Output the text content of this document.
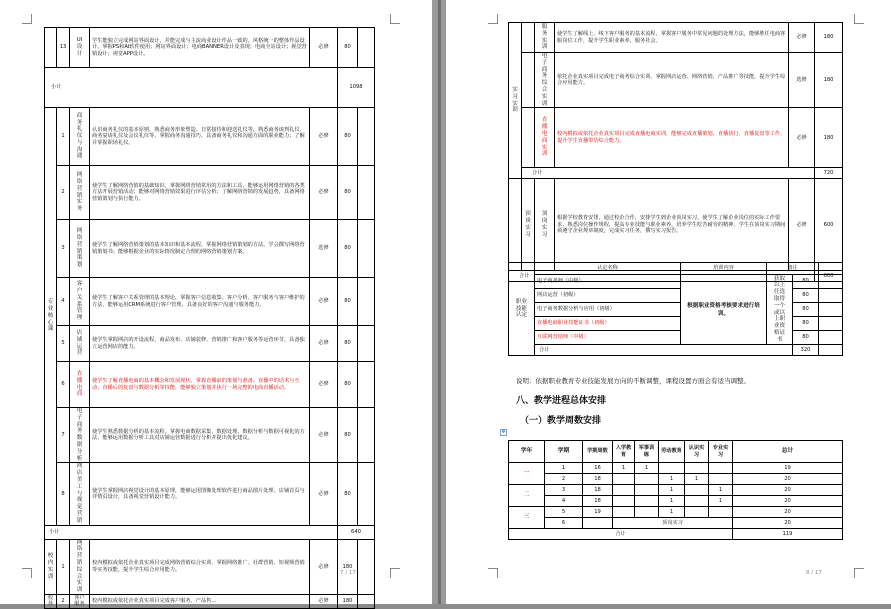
	13	UI设计	学生能独立完成网站界面设计，并能完成与主流商业设计作品一致的、风格统一的整体作品设计。掌握PS和AI软件使用；网站界面设计；电商BANNER设计及表现；电商全站设计；视觉营销设计；视觉APP设计。	必修	80	
小计					1098	
专业核心课	1	商务礼仪与沟通	认识商务礼仪的基本原则，熟悉商务形象塑造、日常接待和迎送礼仪等，熟悉商务谈判礼仪、商务宴请礼仪及会议礼仪等，掌握商务沟通技巧，具备商务礼仪和沟通方面的职业能力；了解并掌握职场礼仪。	必修	80	
	2	网络营销实务	使学生了解网络营销的基础知识，掌握网络营销常用的方法和工具，能够运用网络营销的各类方法开展营销活动；能够对网络营销效果进行评估分析；了解网络营销的发展趋势，具备网络营销策划与执行能力。	必修	80	
	3	网络营销策划	使学生了解网络营销策划的基本知识和基本流程，掌握网络营销策划的方法，学会撰写网络营销策划书；能够根据企业的实际情况制定合理的网络营销策划方案。	选修	80	
	4	客户关系管理	使学生了解客户关系管理的基本理论，掌握客户信息收集、客户分析、客户服务与客户维护的方法，能够运用CRM系统进行客户管理，具备良好的客户沟通与服务能力。	必修	80	
	5	店铺运营	使学生掌握网店的开设流程、商品发布、店铺装修、营销推广和客户服务等运营环节，具备独立运营网店的能力。	必修	80	
	6	直播电商	使学生了解直播电商的基本概念和发展现状，掌握直播前的策划与准备、直播中的话术与互动、直播后的复盘与数据分析等技能，能够独立策划并执行一场完整的电商直播活动。	必修	80	
	7	电子商务数据分析	使学生熟悉数据分析的基本流程，掌握电商数据采集、数据处理、数据分析与数据可视化的方法，能够运用数据分析工具对店铺运营数据进行分析并提出优化建议。	必修	80	
	8	网店美工与视觉营销	使学生掌握网店视觉设计的基本原理，能够运用图像处理软件进行商品图片处理、店铺首页与详情页设计，具备视觉营销设计能力。	必修	80	
小计					640	
校内实训	1	网络营销综合实训	校内模拟或依托企业真实项目完成网络营销综合实训，掌握网络推广、社群营销、短视频营销等实务技能，提升学生综合应用能力。	必修	180	
校外	2	客户服务	校内模拟或依托企业真实项目完成客户服务、产品售...	必修	180	
7 / 17
实习实训		服务实训	使学生了解线上、线下客户服务的基本流程，掌握客户服务中常见问题的处理方法，能够胜任电商客服岗位工作，提升学生职业素养，服务社会。	必修	180
		电子商务综合实训	依托企业真实项目完成电子商务综合实训，掌握网店运营、网络营销、产品推广等技能，提升学生综合应用能力。	选修	180
		直播电商实训	校内模拟或依托企业真实项目完成直播电商实训，能够完成直播策划、直播执行、直播复盘等工作，提升学生直播带货综合能力。	必修	180
	合计				720
	顶岗实习	顶岗实习	根据学校教育安排，通过校企合作，安排学生到企业顶岗实习，使学生了解企业岗位的实际工作要求，熟悉岗位操作规程，提高专业技能与职业素养，培养学生吃苦耐劳的精神。学生在顶岗实习期间须遵守企业规章制度，完成实习任务，撰写实习报告。	必修	600
合计					600
职业技能认定	认定名称	培训内容	备注		
	电子商务师（中级）	根据职业资格考核要求进行培训。	获取以上任选取得一个或以上职业资格证书	80	
	网店运营（初级）			80	
	电子商务数据分析与应用（初级）			80	
	直播电商职业技能证书（初级）			80	
	互联网营销师（中级）			80	
	合计			320	
说明：依据职业教育专业技能发展方向的不断调整，课程设置方面会有适当调整。
八、教学进程总体安排
（一）教学周数安排
✥
学年	学期	学期周数	入学教育	军事训练	劳动教育	认识实习	专业实习	总计
一	1	16	1	1				19
	2	18			1	1		20
二	3	18			1		1	20
	4	18			1		1	20
三	5	19			1			20
	6		顶岗实习					20
合计								119
8 / 17
